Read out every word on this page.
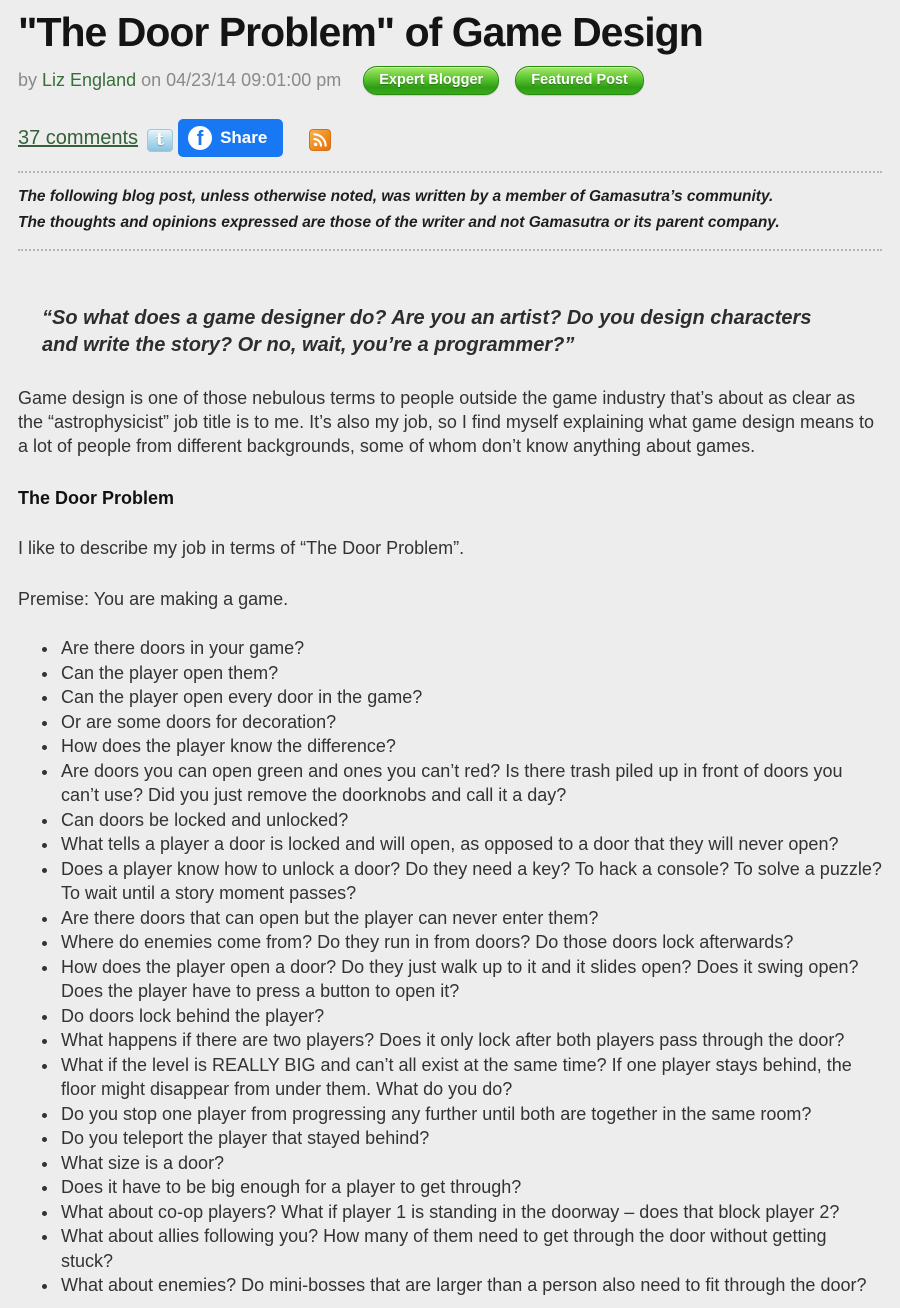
"The Door Problem" of Game Design
by Liz England on 04/23/14 09:01:00 pm	Expert Blogger	Featured Post
37 comments	t	f Share
The following blog post, unless otherwise noted, was written by a member of Gamasutra’s community.
The thoughts and opinions expressed are those of the writer and not Gamasutra or its parent company.
“So what does a game designer do? Are you an artist? Do you design characters and write the story? Or no, wait, you’re a programmer?”

Game design is one of those nebulous terms to people outside the game industry that’s about as clear as the “astrophysicist” job title is to me. It’s also my job, so I find myself explaining what game design means to a lot of people from different backgrounds, some of whom don’t know anything about games.

The Door Problem

I like to describe my job in terms of “The Door Problem”.

Premise: You are making a game.

• Are there doors in your game?
• Can the player open them?
• Can the player open every door in the game?
• Or are some doors for decoration?
• How does the player know the difference?
• Are doors you can open green and ones you can’t red? Is there trash piled up in front of doors you can’t use? Did you just remove the doorknobs and call it a day?
• Can doors be locked and unlocked?
• What tells a player a door is locked and will open, as opposed to a door that they will never open?
• Does a player know how to unlock a door? Do they need a key? To hack a console? To solve a puzzle? To wait until a story moment passes?
• Are there doors that can open but the player can never enter them?
• Where do enemies come from? Do they run in from doors? Do those doors lock afterwards?
• How does the player open a door? Do they just walk up to it and it slides open? Does it swing open? Does the player have to press a button to open it?
• Do doors lock behind the player?
• What happens if there are two players? Does it only lock after both players pass through the door?
• What if the level is REALLY BIG and can’t all exist at the same time? If one player stays behind, the floor might disappear from under them. What do you do?
• Do you stop one player from progressing any further until both are together in the same room?
• Do you teleport the player that stayed behind?
• What size is a door?
• Does it have to be big enough for a player to get through?
• What about co-op players? What if player 1 is standing in the doorway – does that block player 2?
• What about allies following you? How many of them need to get through the door without getting stuck?
• What about enemies? Do mini-bosses that are larger than a person also need to fit through the door?
